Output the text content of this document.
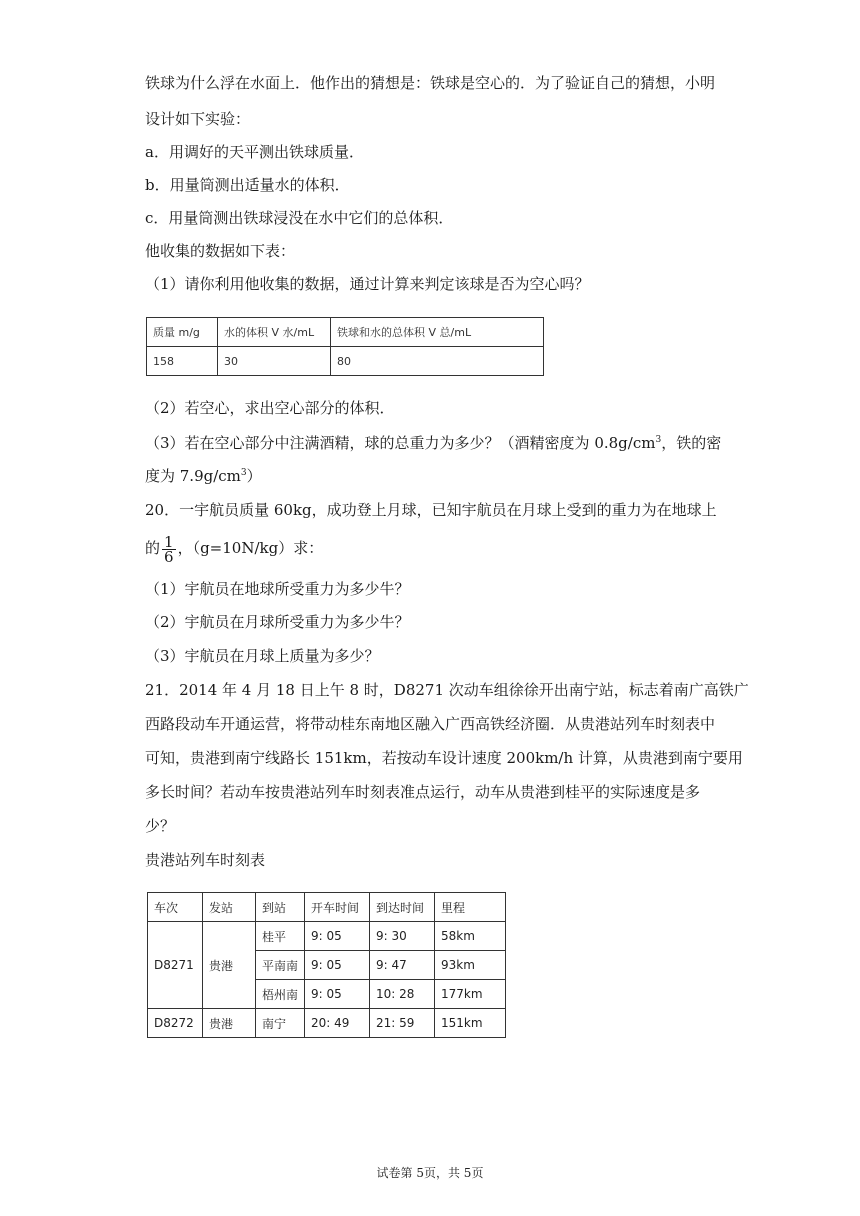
铁球为什么浮在水面上．他作出的猜想是：铁球是空心的．为了验证自己的猜想，小明
设计如下实验：
a．用调好的天平测出铁球质量．
b．用量筒测出适量水的体积．
c．用量筒测出铁球浸没在水中它们的总体积．
他收集的数据如下表：
（1）请你利用他收集的数据，通过计算来判定该球是否为空心吗？
质量 m/g	水的体积 V 水/mL	铁球和水的总体积 V 总/mL
158	30	80
（2）若空心，求出空心部分的体积．
（3）若在空心部分中注满酒精，球的总重力为多少？（酒精密度为 $0.8g/cm^3$，铁的密
度为 $7.9g/cm^3$）
20．一宇航员质量 60kg，成功登上月球，已知宇航员在月球上受到的重力为在地球上
的 $\frac{1}{6}$ ，（g=10N/kg）求：
（1）宇航员在地球所受重力为多少牛？
（2）宇航员在月球所受重力为多少牛？
（3）宇航员在月球上质量为多少？
21．2014 年 4 月 18 日上午 8 时，D8271 次动车组徐徐开出南宁站，标志着南广高铁广
西路段动车开通运营，将带动桂东南地区融入广西高铁经济圈．从贵港站列车时刻表中
可知，贵港到南宁线路长 151km，若按动车设计速度 200km/h 计算，从贵港到南宁要用
多长时间？若动车按贵港站列车时刻表准点运行，动车从贵港到桂平的实际速度是多
少？
贵港站列车时刻表
车次	发站	到站	开车时间	到达时间	里程
D8271	贵港	桂平	9: 05	9: 30	58km
		平南南	9: 05	9: 47	93km
		梧州南	9: 05	10: 28	177km
D8272	贵港	南宁	20: 49	21: 59	151km
试卷第 5页，共 5页
